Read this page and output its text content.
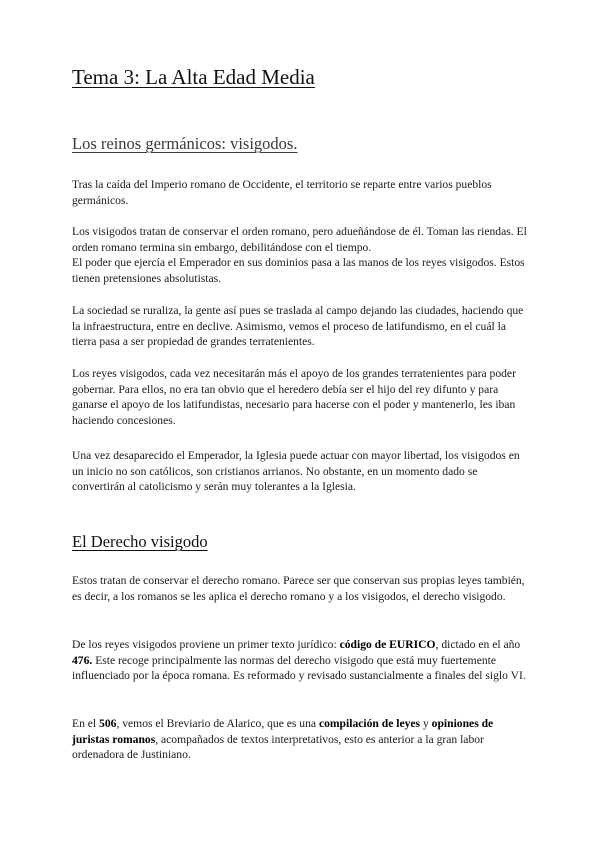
Tema 3: La Alta Edad Media
Los reinos germánicos: visigodos.

Tras la caída del Imperio romano de Occidente, el territorio se reparte entre varios pueblos germánicos.

Los visigodos tratan de conservar el orden romano, pero adueñándose de él. Toman las riendas. El orden romano termina sin embargo, debilitándose con el tiempo.
El poder que ejercía el Emperador en sus dominios pasa a las manos de los reyes visigodos. Estos tienen pretensiones absolutistas.

La sociedad se ruraliza, la gente así pues se traslada al campo dejando las ciudades, haciendo que la infraestructura, entre en declive. Asimismo, vemos el proceso de latifundismo, en el cuál la tierra pasa a ser propiedad de grandes terratenientes.

Los reyes visigodos, cada vez necesitarán más el apoyo de los grandes terratenientes para poder gobernar. Para ellos, no era tan obvio que el heredero debía ser el hijo del rey difunto y para ganarse el apoyo de los latifundistas, necesario para hacerse con el poder y mantenerlo, les iban haciendo concesiones.

Una vez desaparecido el Emperador, la Iglesia puede actuar con mayor libertad, los visigodos en un inicio no son católicos, son cristianos arrianos. No obstante, en un momento dado se convertirán al catolicismo y serán muy tolerantes a la Iglesia.

El Derecho visigodo

Estos tratan de conservar el derecho romano. Parece ser que conservan sus propias leyes también, es decir, a los romanos se les aplica el derecho romano y a los visigodos, el derecho visigodo.

De los reyes visigodos proviene un primer texto jurídico: código de EURICO, dictado en el año 476. Este recoge principalmente las normas del derecho visigodo que está muy fuertemente influenciado por la época romana. Es reformado y revisado sustancialmente a finales del siglo VI.

En el 506, vemos el Breviario de Alarico, que es una compilación de leyes y opiniones de juristas romanos, acompañados de textos interpretativos, esto es anterior a la gran labor ordenadora de Justiniano.
